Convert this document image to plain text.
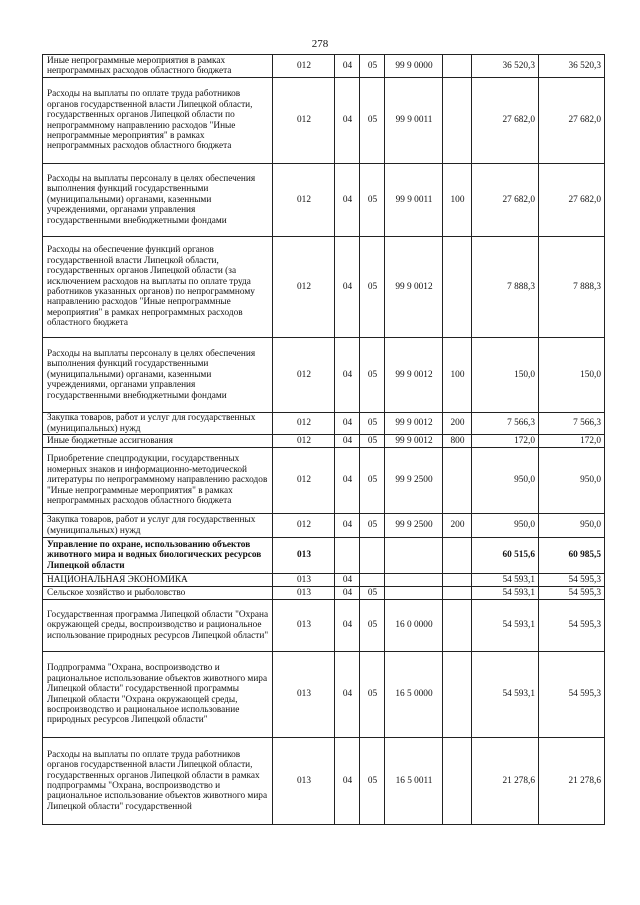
278
Иные непрограммные мероприятия в рамках непрограммных расходов областного бюджета	012	04	05	99 9 0000		36 520,3	36 520,3
Расходы на выплаты по оплате труда работников органов государственной власти Липецкой области, государственных органов Липецкой области по непрограммному направлению расходов "Иные непрограммные мероприятия" в рамках непрограммных расходов областного бюджета	012	04	05	99 9 0011		27 682,0	27 682,0
Расходы на выплаты персоналу в целях обеспечения выполнения функций государственными (муниципальными) органами, казенными учреждениями, органами управления государственными внебюджетными фондами	012	04	05	99 9 0011	100	27 682,0	27 682,0
Расходы на обеспечение функций органов государственной власти Липецкой области, государственных органов Липецкой области (за исключением расходов на выплаты по оплате труда работников указанных органов) по непрограммному направлению расходов "Иные непрограммные мероприятия" в рамках непрограммных расходов областного бюджета	012	04	05	99 9 0012		7 888,3	7 888,3
Расходы на выплаты персоналу в целях обеспечения выполнения функций государственными (муниципальными) органами, казенными учреждениями, органами управления государственными внебюджетными фондами	012	04	05	99 9 0012	100	150,0	150,0
Закупка товаров, работ и услуг для государственных (муниципальных) нужд	012	04	05	99 9 0012	200	7 566,3	7 566,3
Иные бюджетные ассигнования	012	04	05	99 9 0012	800	172,0	172,0
Приобретение спецпродукции, государственных номерных знаков и информационно-методической литературы по непрограммному направлению расходов "Иные непрограммные мероприятия" в рамках непрограммных расходов областного бюджета	012	04	05	99 9 2500		950,0	950,0
Закупка товаров, работ и услуг для государственных (муниципальных) нужд	012	04	05	99 9 2500	200	950,0	950,0
Управление по охране, использованию объектов животного мира и водных биологических ресурсов Липецкой области	013					60 515,6	60 985,5
НАЦИОНАЛЬНАЯ ЭКОНОМИКА	013	04				54 593,1	54 595,3
Сельское хозяйство и рыболовство	013	04	05			54 593,1	54 595,3
Государственная программа Липецкой области "Охрана окружающей среды, воспроизводство и рациональное использование природных ресурсов Липецкой области"	013	04	05	16 0 0000		54 593,1	54 595,3
Подпрограмма "Охрана, воспроизводство и рациональное использование объектов животного мира Липецкой области" государственной программы Липецкой области "Охрана окружающей среды, воспроизводство и рациональное использование природных ресурсов Липецкой области"	013	04	05	16 5 0000		54 593,1	54 595,3
Расходы на выплаты по оплате труда работников органов государственной власти Липецкой области, государственных органов Липецкой области в рамках подпрограммы "Охрана, воспроизводство и рациональное использование объектов животного мира Липецкой области" государственной	013	04	05	16 5 0011		21 278,6	21 278,6
